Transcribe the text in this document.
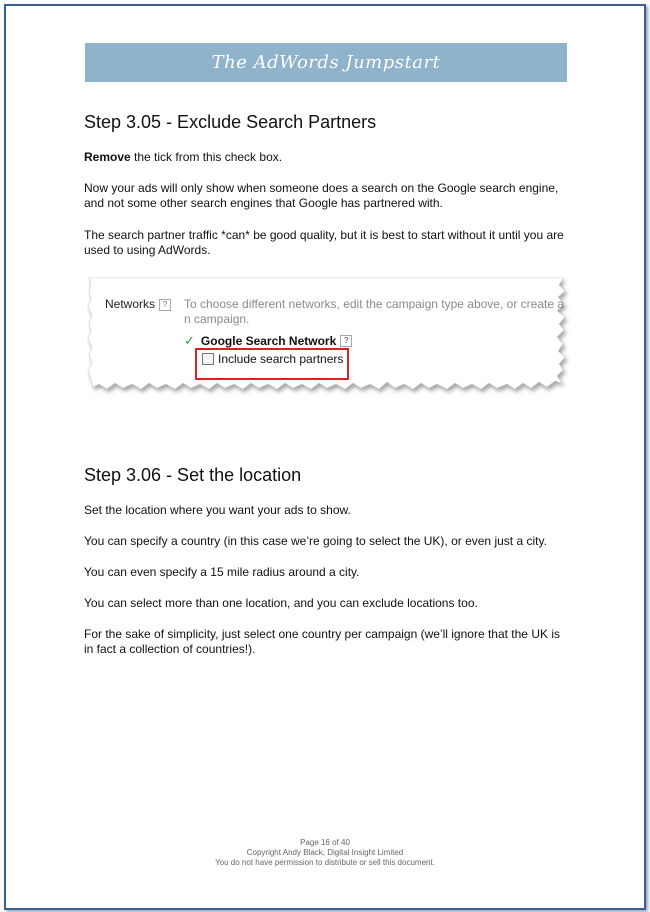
The AdWords Jumpstart
Step 3.05 - Exclude Search Partners

Remove the tick from this check box.

Now your ads will only show when someone does a search on the Google search engine, and not some other search engines that Google has partnered with.

The search partner traffic *can* be good quality, but it is best to start without it until you are used to using AdWords.

Networks ?	To choose different networks, edit the campaign type above, or create a n campaign.
✓ Google Search Network ?
Include search partners
Step 3.06 - Set the location

Set the location where you want your ads to show.

You can specify a country (in this case we’re going to select the UK), or even just a city.

You can even specify a 15 mile radius around a city.

You can select more than one location, and you can exclude locations too.

For the sake of simplicity, just select one country per campaign (we’ll ignore that the UK is in fact a collection of countries!).

Page 16 of 40
Copyright Andy Black, Digital Insight Limited
You do not have permission to distribute or sell this document.
